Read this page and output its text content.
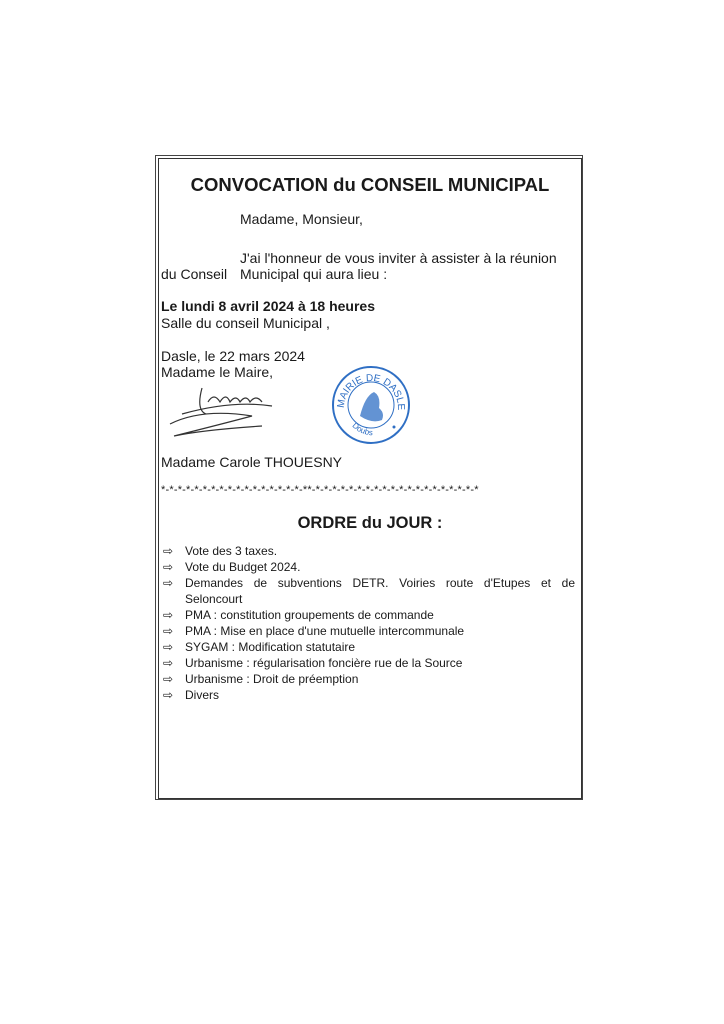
CONVOCATION du CONSEIL MUNICIPAL
Madame, Monsieur,
J'ai l'honneur de vous inviter à assister à la réunion
du Conseil Municipal qui aura lieu :
Le lundi 8 avril 2024 à 18 heures
Salle du conseil Municipal ,
Dasle, le 22 mars 2024
Madame le Maire,
MAIRIE DE DASLE
Doubs
Madame Carole THOUESNY
*-*-*-*-*-*-*-*-*-*-*-*-*-*-*-*-*-**-*-*-*-*-*-*-*-*-*-*-*-*-*-*-*-*-*-*-*-*
ORDRE du JOUR :
⇨ Vote des 3 taxes.
⇨ Vote du Budget 2024.
⇨ Demandes de subventions DETR. Voiries route d'Etupes et de Seloncourt
⇨ PMA : constitution groupements de commande
⇨ PMA : Mise en place d'une mutuelle intercommunale
⇨ SYGAM : Modification statutaire
⇨ Urbanisme : régularisation foncière rue de la Source
⇨ Urbanisme : Droit de préemption
⇨ Divers
